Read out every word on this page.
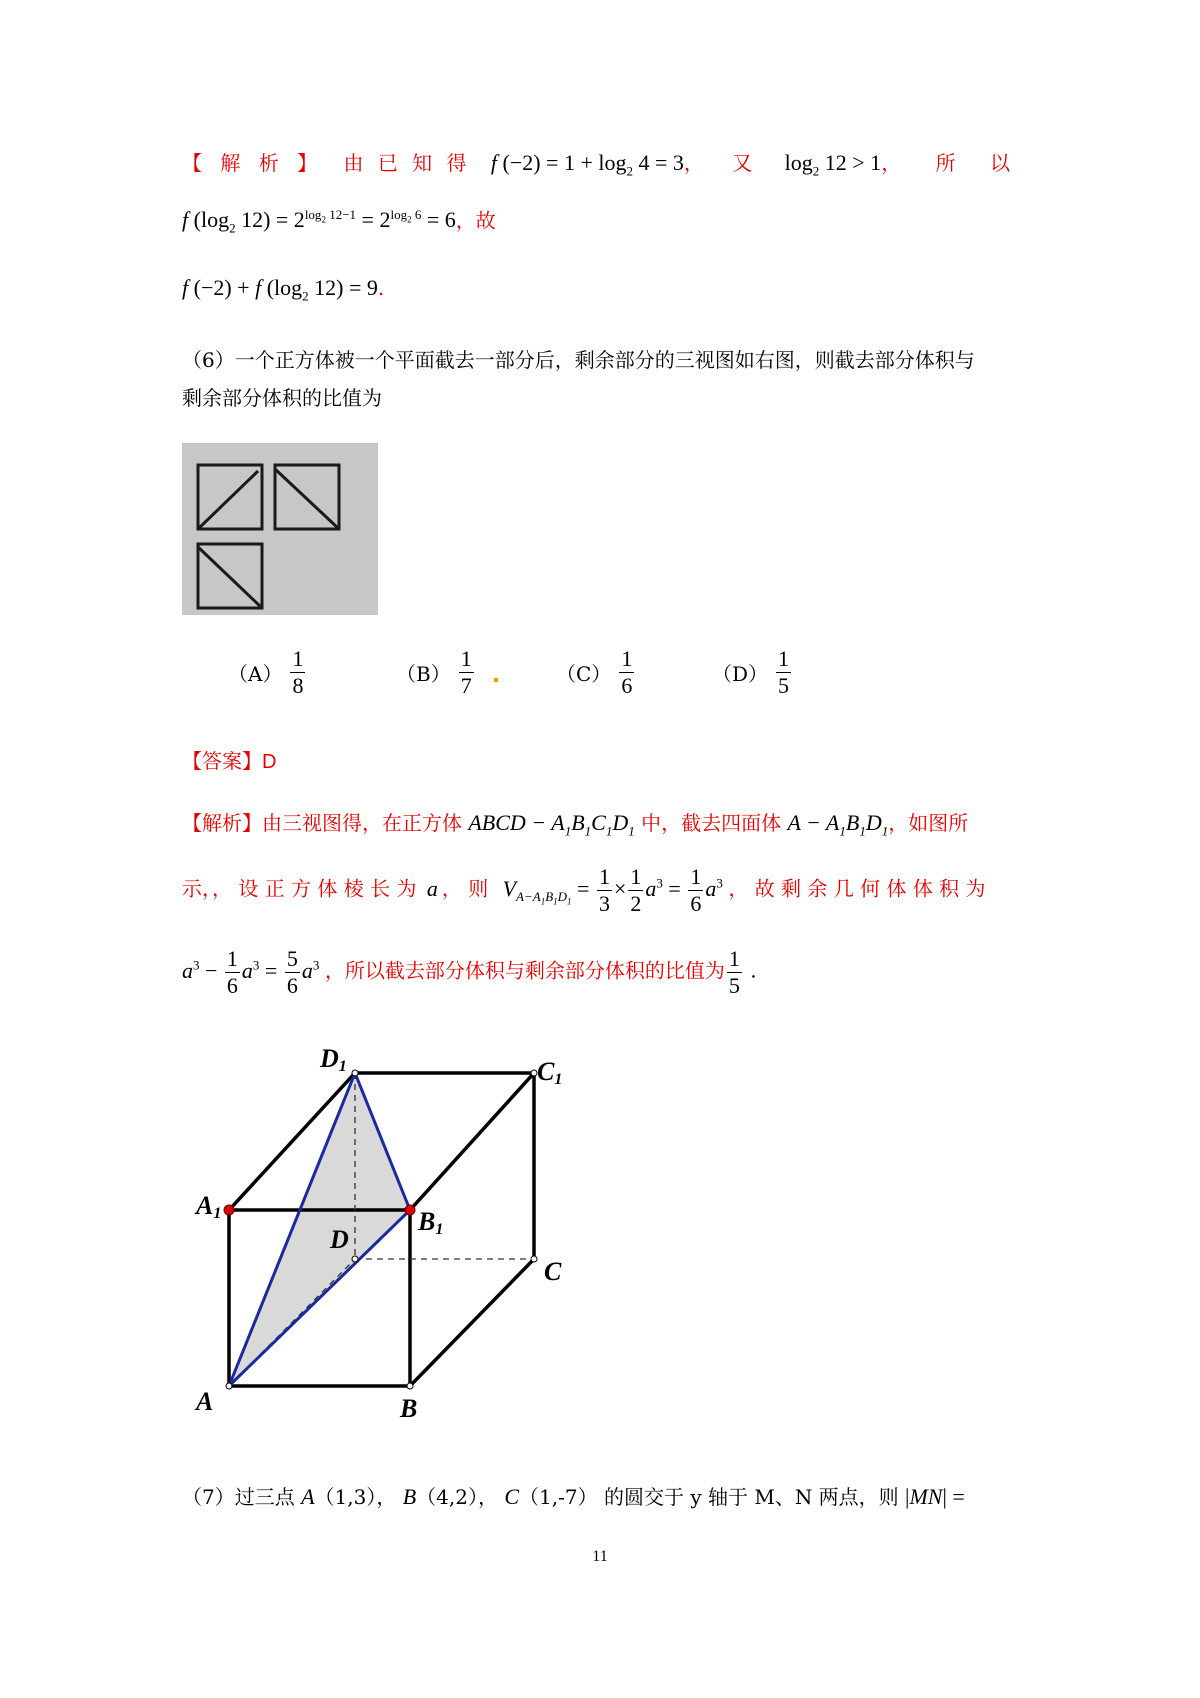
【 解 析 】 由 已 知 得 f $(-2) = 1 + \log_2 4 = 3$， 又 $\log_2 12 > 1$， 所 以
f ($\log_2$ $12) = 2^{log_2 12-1} = 2^{log_2 6} = 6$，故
f (−2) + f ($\log_2$ 12) = 9.
（6）一个正方体被一个平面截去一部分后，剩余部分的三视图如右图，则截去部分体积与
剩余部分体积的比值为
$(A) \frac{1}{8}$	$(B) \frac{1}{7}$	$(C) \frac{1}{6}$	$(D) \frac{1}{5}$
【答案】D
【解析】由三视图得，在正方体 ABCD − $A_1B_1C_1D_1$ 中，截去四面体 $A - A_1B_1D_1$，如图所
示，， 设 正 方 体 棱 长 为 a ， 则 $V_{A-A_1B_1D_1} = \frac{1}{3} \times \frac{1}{2} a^3 = \frac{1}{6} a^3$ ， 故 剩 余 几 何 体 体 积 为
$a^3 - \frac{1}{6} a^3 = \frac{5}{6} a^3$ ，所以截去部分体积与剩余部分体积的比值为 $\frac{1}{5}$ .
D1	C1
A1	B1
D
C
A	B
（7）过三点 A（1,3）， B（4,2）， C（1,-7） 的圆交于 y 轴于 M、N 两点，则 |MN| =
11
